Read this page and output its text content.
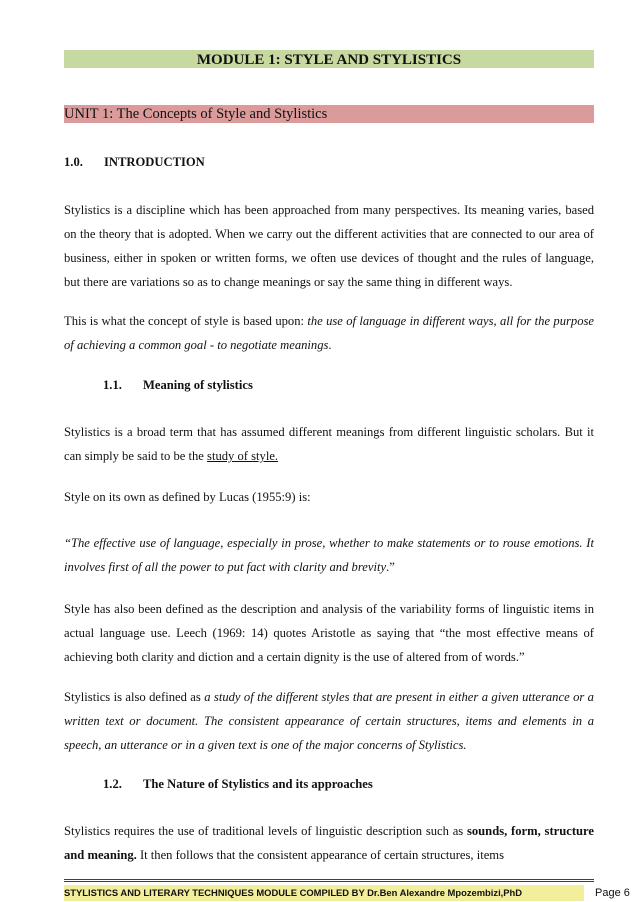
MODULE 1: STYLE AND STYLISTICS
UNIT 1: The Concepts of Style and Stylistics
1.0. INTRODUCTION

Stylistics is a discipline which has been approached from many perspectives. Its meaning varies, based on the theory that is adopted. When we carry out the different activities that are connected to our area of business, either in spoken or written forms, we often use devices of thought and the rules of language, but there are variations so as to change meanings or say the same thing in different ways.

This is what the concept of style is based upon: the use of language in different ways, all for the purpose of achieving a common goal - to negotiate meanings.

1.1. Meaning of stylistics

Stylistics is a broad term that has assumed different meanings from different linguistic scholars. But it can simply be said to be the study of style.

Style on its own as defined by Lucas (1955:9) is:

“The effective use of language, especially in prose, whether to make statements or to rouse emotions. It involves first of all the power to put fact with clarity and brevity.”

Style has also been defined as the description and analysis of the variability forms of linguistic items in actual language use. Leech (1969: 14) quotes Aristotle as saying that “the most effective means of achieving both clarity and diction and a certain dignity is the use of altered from of words.”

Stylistics is also defined as a study of the different styles that are present in either a given utterance or a written text or document. The consistent appearance of certain structures, items and elements in a speech, an utterance or in a given text is one of the major concerns of Stylistics.

1.2. The Nature of Stylistics and its approaches

Stylistics requires the use of traditional levels of linguistic description such as sounds, form, structure and meaning. It then follows that the consistent appearance of certain structures, items

STYLISTICS AND LITERARY TECHNIQUES MODULE COMPILED BY Dr.Ben Alexandre Mpozembizi,PhD	Page 6
